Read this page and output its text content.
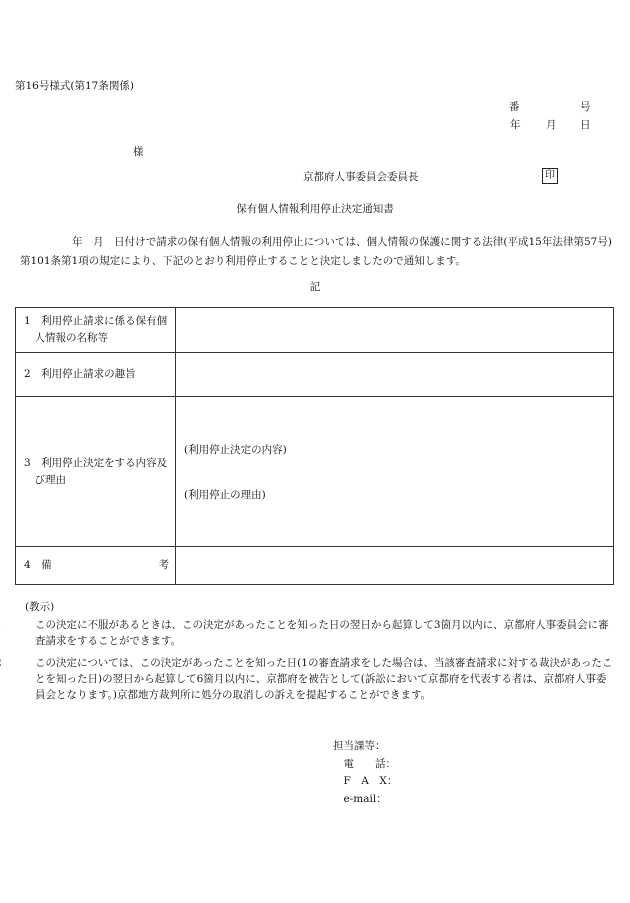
第16号様式(第17条関係)
番	号
年 月 日
様
京都府人事委員会委員長	印
保有個人情報利用停止決定通知書
年　月　日付けで請求の保有個人情報の利用停止については、個人情報の保護に関する法律(平成15年法律第57号)第101条第1項の規定により、下記のとおり利用停止することと決定しましたので通知します。
記
1　利用停止請求に係る保有個人情報の名称等	

2　利用停止請求の趣旨	

3　利用停止決定をする内容及び理由	(利用停止決定の内容)
(利用停止の理由)

4　備 考	

(教示)
この決定に不服があるときは、この決定があったことを知った日の翌日から起算して3箇月以内に、京都府人事委員会に審査請求をすることができます。
この決定については、この決定があったことを知った日(1の審査請求をした場合は、当該審査請求に対する裁決があったことを知った日)の翌日から起算して6箇月以内に、京都府を被告として(訴訟において京都府を代表する者は、京都府人事委員会となります。)京都地方裁判所に処分の取消しの訴えを提起することができます。
担当課等：
　電　　話：
　F　A　X：
　e-mail：
